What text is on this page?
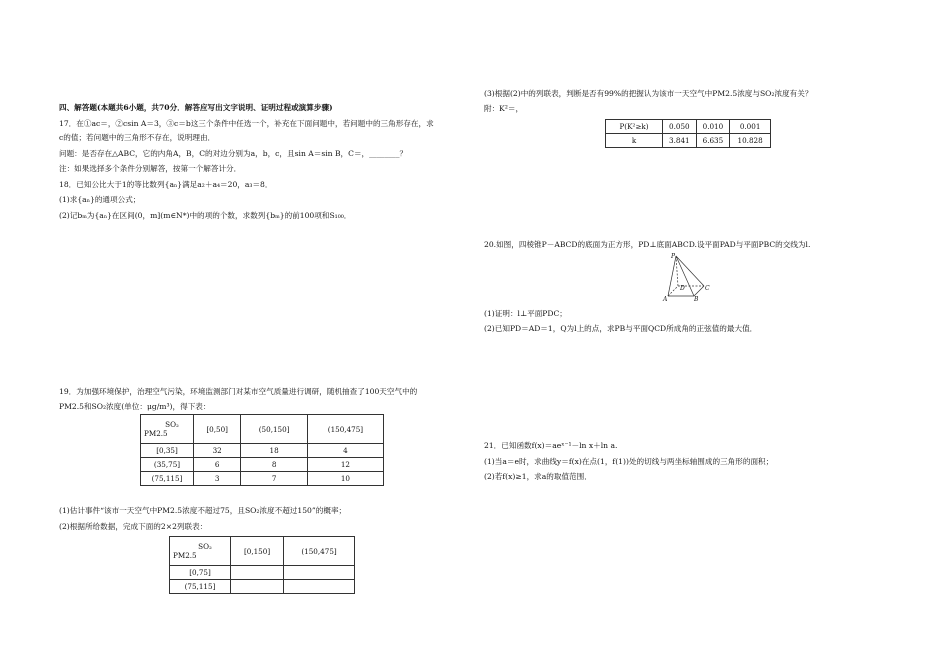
四、解答题(本题共6小题，共70分．解答应写出文字说明、证明过程或演算步骤)
17．在①ac＝，②csin A＝3，③c＝b这三个条件中任选一个，补充在下面问题中，若问题中的三角形存在，求
c的值；若问题中的三角形不存在，说明理由．
问题：是否存在△ABC，它的内角A，B，C的对边分别为a，b，c，且sin A＝sin B，C＝，________？
注：如果选择多个条件分别解答，按第一个解答计分．
18．已知公比大于1的等比数列{aₙ}满足a₂＋a₄＝20，a₃＝8．
(1)求{aₙ}的通项公式；
(2)记bₘ为{aₙ}在区间(0，m](m∈N*)中的项的个数，求数列{bₘ}的前100项和S₁₀₀．
19．为加强环境保护，治理空气污染，环境监测部门对某市空气质量进行调研，随机抽查了100天空气中的
PM2.5和SO₂浓度(单位：μg/m³)，得下表：
SO₂
PM2.5	[0,50]	(50,150]	(150,475]
[0,35]	32	18	4
(35,75]	6	8	12
(75,115]	3	7	10
(1)估计事件“该市一天空气中PM2.5浓度不超过75，且SO₂浓度不超过150”的概率；
(2)根据所给数据，完成下面的2×2列联表：
SO₂
PM2.5	[0,150]	(150,475]
[0,75]		
(75,115]		
(3)根据(2)中的列联表，判断是否有99%的把握认为该市一天空气中PM2.5浓度与SO₂浓度有关？
附：K²＝，
P(K²≥k)	0.050	0.010	0.001
k	3.841	6.635	10.828
20.如图，四棱锥P－ABCD的底面为正方形，PD⊥底面ABCD.设平面PAD与平面PBC的交线为l.
P
D	C
A	B
(1)证明：l⊥平面PDC；
(2)已知PD＝AD＝1，Q为l上的点，求PB与平面QCD所成角的正弦值的最大值．
21．已知函数f(x)＝aeˣ⁻¹－ln x＋ln a.
(1)当a＝e时，求曲线y＝f(x)在点(1，f(1))处的切线与两坐标轴围成的三角形的面积；
(2)若f(x)≥1，求a的取值范围．
